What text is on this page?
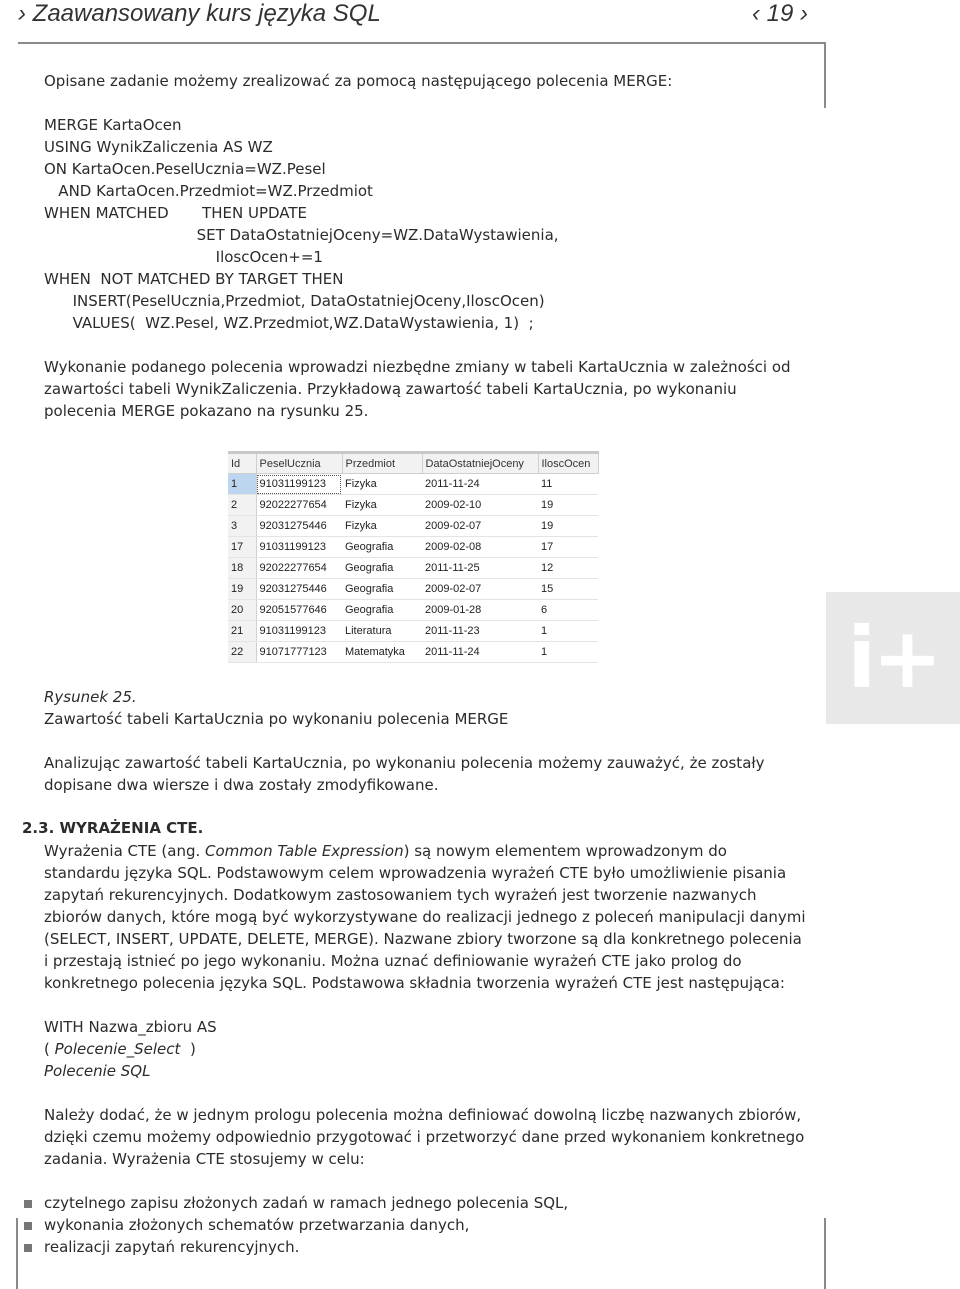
› Zaawansowany kurs języka SQL	‹ 19 ›
Opisane zadanie możemy zrealizować za pomocą następującego polecenia MERGE:
MERGE KartaOcen
USING WynikZaliczenia AS WZ
ON KartaOcen.PeselUcznia=WZ.Pesel
AND KartaOcen.Przedmiot=WZ.Przedmiot
WHEN MATCHED       THEN UPDATE
SET DataOstatniejOceny=WZ.DataWystawienia,
IloscOcen+=1
WHEN  NOT MATCHED BY TARGET THEN
INSERT(PeselUcznia,Przedmiot, DataOstatniejOceny,IloscOcen)
VALUES(  WZ.Pesel, WZ.Przedmiot,WZ.DataWystawienia, 1)  ;
Wykonanie podanego polecenia wprowadzi niezbędne zmiany w tabeli KartaUcznia w zależności od zawartości tabeli WynikZaliczenia. Przykładową zawartość tabeli KartaUcznia, po wykonaniu polecenia MERGE pokazano na rysunku 25.
Id	PeselUcznia	Przedmiot	DataOstatniejOceny	IloscOcen
1	91031199123	Fizyka	2011-11-24	11
2	92022277654	Fizyka	2009-02-10	19
3	92031275446	Fizyka	2009-02-07	19
17	91031199123	Geografia	2009-02-08	17
18	92022277654	Geografia	2011-11-25	12
19	92031275446	Geografia	2009-02-07	15
20	92051577646	Geografia	2009-01-28	6
21	91031199123	Literatura	2011-11-23	1
22	91071777123	Matematyka	2011-11-24	1	i+
Rysunek 25.
Zawartość tabeli KartaUcznia po wykonaniu polecenia MERGE
Analizując zawartość tabeli KartaUcznia, po wykonaniu polecenia możemy zauważyć, że zostały dopisane dwa wiersze i dwa zostały zmodyfikowane.
2.3. WYRAŻENIA CTE.
Wyrażenia CTE (ang. Common Table Expression) są nowym elementem wprowadzonym do standardu języka SQL. Podstawowym celem wprowadzenia wyrażeń CTE było umożliwienie pisania zapytań rekurencyjnych. Dodatkowym zastosowaniem tych wyrażeń jest tworzenie nazwanych zbiorów danych, które mogą być wykorzystywane do realizacji jednego z poleceń manipulacji danymi (SELECT, INSERT, UPDATE, DELETE, MERGE). Nazwane zbiory tworzone są dla konkretnego polecenia i przestają istnieć po jego wykonaniu. Można uznać definiowanie wyrażeń CTE jako prolog do konkretnego polecenia języka SQL. Podstawowa składnia tworzenia wyrażeń CTE jest następująca:
WITH Nazwa_zbioru AS
( Polecenie_Select  )
Polecenie SQL
Należy dodać, że w jednym prologu polecenia można definiować dowolną liczbę nazwanych zbiorów, dzięki czemu możemy odpowiednio przygotować i przetworzyć dane przed wykonaniem konkretnego zadania. Wyrażenia CTE stosujemy w celu:
czytelnego zapisu złożonych zadań w ramach jednego polecenia SQL,
wykonania złożonych schematów przetwarzania danych,
realizacji zapytań rekurencyjnych.
